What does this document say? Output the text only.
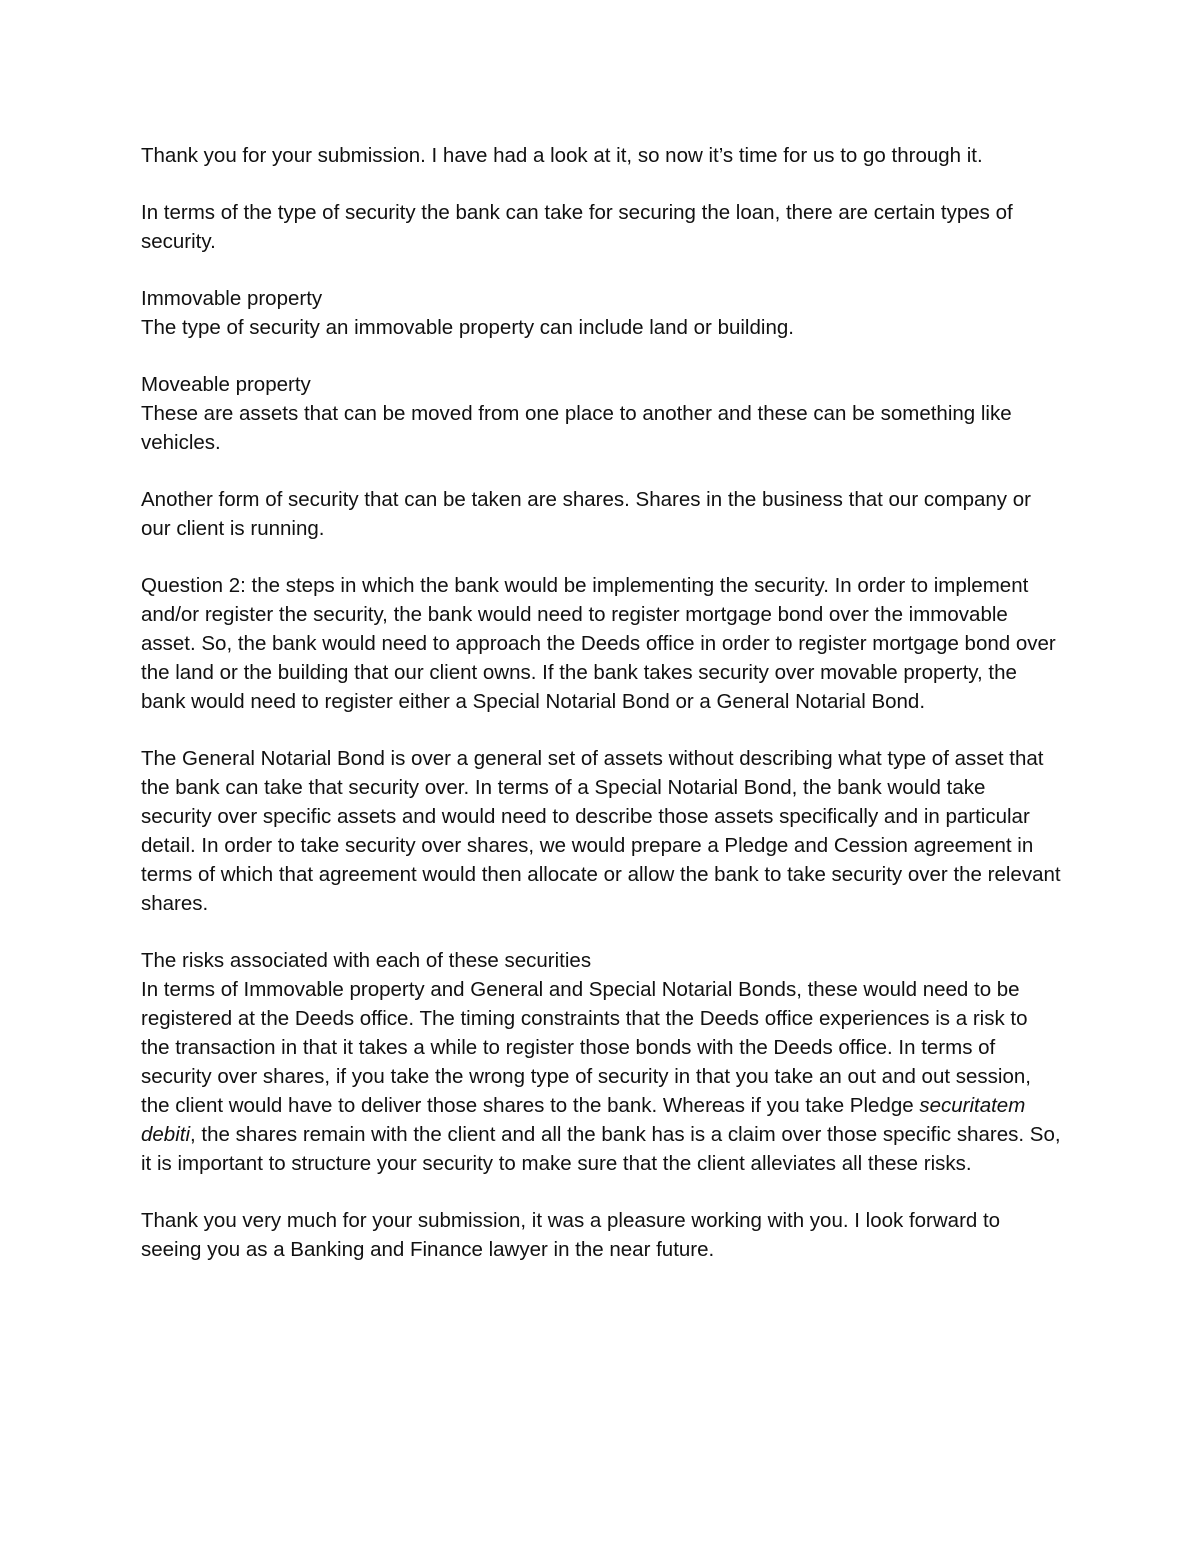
Thank you for your submission. I have had a look at it, so now it’s time for us to go through it.

In terms of the type of security the bank can take for securing the loan, there are certain types of security.

Immovable property
The type of security an immovable property can include land or building.

Moveable property
These are assets that can be moved from one place to another and these can be something like vehicles.

Another form of security that can be taken are shares. Shares in the business that our company or our client is running.

Question 2: the steps in which the bank would be implementing the security. In order to implement and/or register the security, the bank would need to register mortgage bond over the immovable asset. So, the bank would need to approach the Deeds office in order to register mortgage bond over the land or the building that our client owns. If the bank takes security over movable property, the bank would need to register either a Special Notarial Bond or a General Notarial Bond.

The General Notarial Bond is over a general set of assets without describing what type of asset that the bank can take that security over. In terms of a Special Notarial Bond, the bank would take security over specific assets and would need to describe those assets specifically and in particular detail. In order to take security over shares, we would prepare a Pledge and Cession agreement in terms of which that agreement would then allocate or allow the bank to take security over the relevant shares.

The risks associated with each of these securities
In terms of Immovable property and General and Special Notarial Bonds, these would need to be registered at the Deeds office. The timing constraints that the Deeds office experiences is a risk to the transaction in that it takes a while to register those bonds with the Deeds office. In terms of security over shares, if you take the wrong type of security in that you take an out and out session, the client would have to deliver those shares to the bank. Whereas if you take Pledge securitatem debiti, the shares remain with the client and all the bank has is a claim over those specific shares. So, it is important to structure your security to make sure that the client alleviates all these risks.

Thank you very much for your submission, it was a pleasure working with you. I look forward to seeing you as a Banking and Finance lawyer in the near future.
